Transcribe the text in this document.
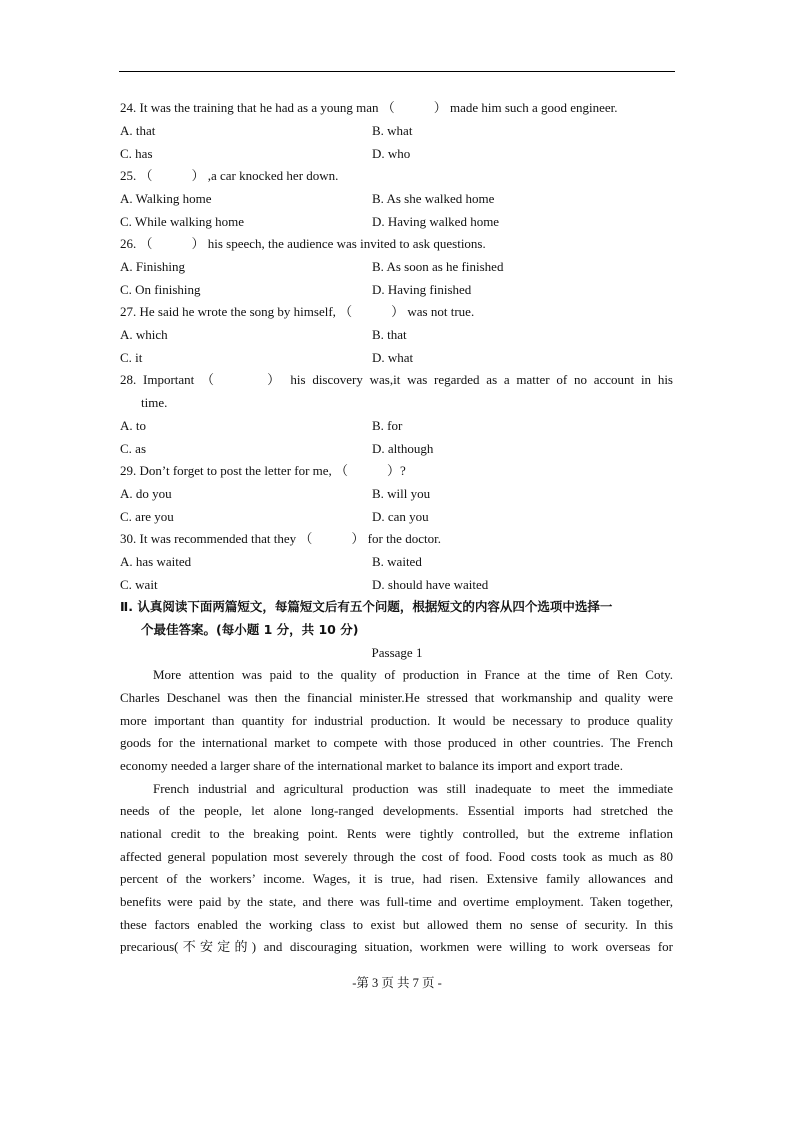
24. It was the training that he had as a young man （　　　） made him such a good engineer.
A. that	B. what
C. has	D. who
25. （　　　） ,a car knocked her down.
A. Walking home	B. As she walked home
C. While walking home	D. Having walked home
26. （　　　） his speech, the audience was invited to ask questions.
A. Finishing	B. As soon as he finished
C. On finishing	D. Having finished
27. He said he wrote the song by himself, （　　　） was not true.
A. which	B. that
C. it	D. what
28. Important （　　　） his discovery was,it was regarded as a matter of no account in his
time.
A. to	B. for
C. as	D. although
29. Don’t forget to post the letter for me, （　　　）?
A. do you	B. will you
C. are you	D. can you
30. It was recommended that they （　　　） for the doctor.
A. has waited	B. waited
C. wait	D. should have waited
Ⅱ. 认真阅读下面两篇短文，每篇短文后有五个问题，根据短文的内容从四个选项中选择一
个最佳答案。(每小题 1 分，共 10 分)
Passage 1
More attention was paid to the quality of production in France at the time of Ren Coty.
Charles Deschanel was then the financial minister.He stressed that workmanship and quality were
more important than quantity for industrial production. It would be necessary to produce quality
goods for the international market to compete with those produced in other countries. The French
economy needed a larger share of the international market to balance its import and export trade.
French industrial and agricultural production was still inadequate to meet the immediate
needs of the people, let alone long-ranged developments. Essential imports had stretched the
national credit to the breaking point. Rents were tightly controlled, but the extreme inflation
affected general population most severely through the cost of food. Food costs took as much as 80
percent of the workers’ income. Wages, it is true, had risen. Extensive family allowances and
benefits were paid by the state, and there was full-time and overtime employment. Taken together,
these factors enabled the working class to exist but allowed them no sense of security. In this
precarious(不安定的) and discouraging situation, workmen were willing to work overseas for
-第 3 页 共 7 页 -
